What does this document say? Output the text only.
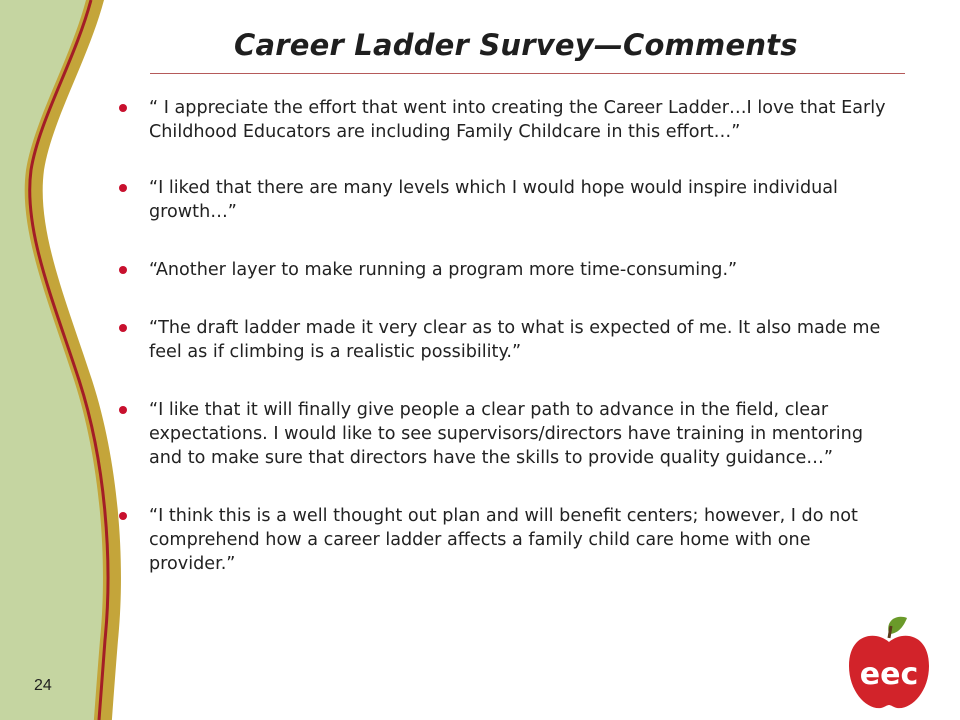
Career Ladder Survey—Comments
“ I appreciate the effort that went into creating the Career Ladder…I love that Early Childhood Educators are including Family Childcare in this effort…”
“I liked that there are many levels which I would hope would inspire individual growth…”
“Another layer to make running a program more time-consuming.”
“The draft ladder made it very clear as to what is expected of me. It also made me feel as if climbing is a realistic possibility.”
“I like that it will finally give people a clear path to advance in the field, clear expectations. I would like to see supervisors/directors have training in mentoring and to make sure that directors have the skills to provide quality guidance…”
“I think this is a well thought out plan and will benefit centers; however, I do not comprehend how a career ladder affects a family child care home with one provider.”
24	eec
